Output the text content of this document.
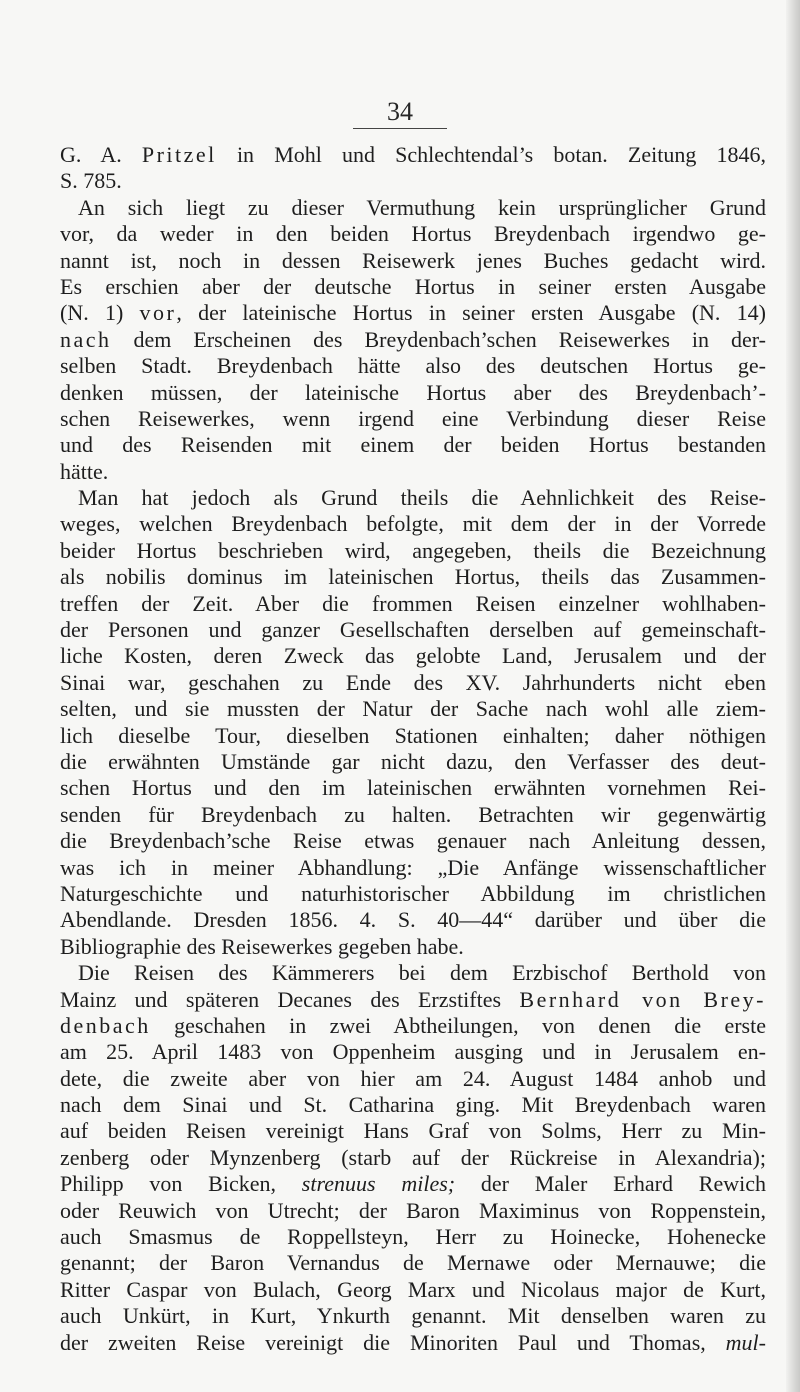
34
G. A. Pritzel in Mohl und Schlechtendal’s botan. Zeitung 1846,
S. 785.
An sich liegt zu dieser Vermuthung kein ursprünglicher Grund
vor, da weder in den beiden Hortus Breydenbach irgendwo ge-
nannt ist, noch in dessen Reisewerk jenes Buches gedacht wird.
Es erschien aber der deutsche Hortus in seiner ersten Ausgabe
(N. 1) vor, der lateinische Hortus in seiner ersten Ausgabe (N. 14)
nach dem Erscheinen des Breydenbach’schen Reisewerkes in der-
selben Stadt. Breydenbach hätte also des deutschen Hortus ge-
denken müssen, der lateinische Hortus aber des Breydenbach’-
schen Reisewerkes, wenn irgend eine Verbindung dieser Reise
und des Reisenden mit einem der beiden Hortus bestanden
hätte.
Man hat jedoch als Grund theils die Aehnlichkeit des Reise-
weges, welchen Breydenbach befolgte, mit dem der in der Vorrede
beider Hortus beschrieben wird, angegeben, theils die Bezeichnung
als nobilis dominus im lateinischen Hortus, theils das Zusammen-
treffen der Zeit. Aber die frommen Reisen einzelner wohlhaben-
der Personen und ganzer Gesellschaften derselben auf gemeinschaft-
liche Kosten, deren Zweck das gelobte Land, Jerusalem und der
Sinai war, geschahen zu Ende des XV. Jahrhunderts nicht eben
selten, und sie mussten der Natur der Sache nach wohl alle ziem-
lich dieselbe Tour, dieselben Stationen einhalten; daher nöthigen
die erwähnten Umstände gar nicht dazu, den Verfasser des deut-
schen Hortus und den im lateinischen erwähnten vornehmen Rei-
senden für Breydenbach zu halten. Betrachten wir gegenwärtig
die Breydenbach’sche Reise etwas genauer nach Anleitung dessen,
was ich in meiner Abhandlung: „Die Anfänge wissenschaftlicher
Naturgeschichte und naturhistorischer Abbildung im christlichen
Abendlande. Dresden 1856. 4. S. 40—44“ darüber und über die
Bibliographie des Reisewerkes gegeben habe.
Die Reisen des Kämmerers bei dem Erzbischof Berthold von
Mainz und späteren Decanes des Erzstiftes Bernhard von Brey-
denbach geschahen in zwei Abtheilungen, von denen die erste
am 25. April 1483 von Oppenheim ausging und in Jerusalem en-
dete, die zweite aber von hier am 24. August 1484 anhob und
nach dem Sinai und St. Catharina ging. Mit Breydenbach waren
auf beiden Reisen vereinigt Hans Graf von Solms, Herr zu Min-
zenberg oder Mynzenberg (starb auf der Rückreise in Alexandria);
Philipp von Bicken, strenuus miles; der Maler Erhard Rewich
oder Reuwich von Utrecht; der Baron Maximinus von Roppenstein,
auch Smasmus de Roppellsteyn, Herr zu Hoinecke, Hohenecke
genannt; der Baron Vernandus de Mernawe oder Mernauwe; die
Ritter Caspar von Bulach, Georg Marx und Nicolaus major de Kurt,
auch Unkürt, in Kurt, Ynkurth genannt. Mit denselben waren zu
der zweiten Reise vereinigt die Minoriten Paul und Thomas, mul-
